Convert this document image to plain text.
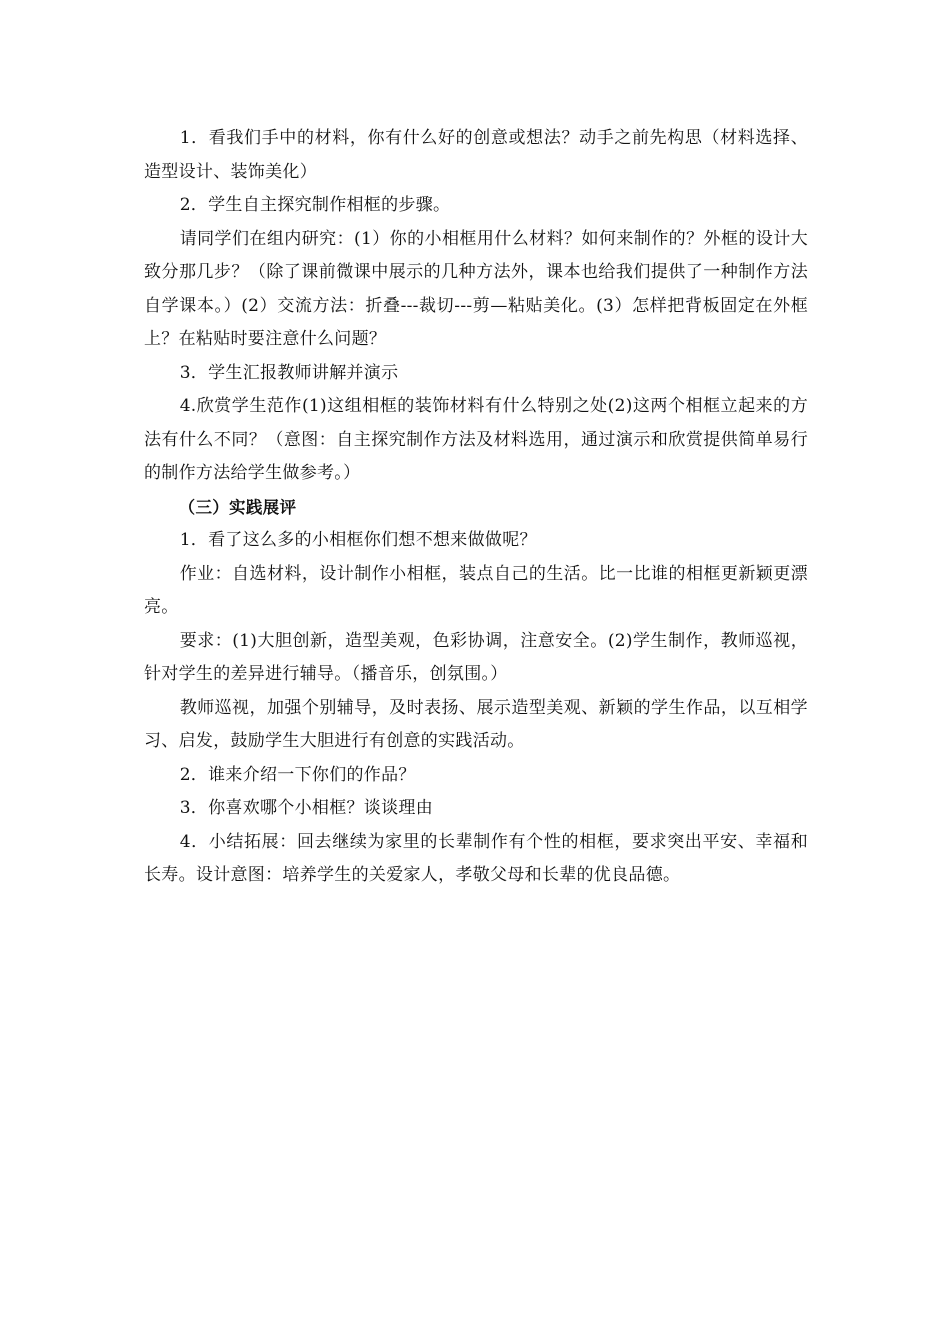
1．看我们手中的材料，你有什么好的创意或想法？动手之前先构思（材料选择、造型设计、装饰美化）

2．学生自主探究制作相框的步骤。

请同学们在组内研究：(1）你的小相框用什么材料？如何来制作的？外框的设计大致分那几步？（除了课前微课中展示的几种方法外，课本也给我们提供了一种制作方法自学课本。）(2）交流方法：折叠---裁切---剪—粘贴美化。(3）怎样把背板固定在外框上？在粘贴时要注意什么问题？

3．学生汇报教师讲解并演示

4.欣赏学生范作(1)这组相框的装饰材料有什么特别之处(2)这两个相框立起来的方法有什么不同？（意图：自主探究制作方法及材料选用，通过演示和欣赏提供简单易行的制作方法给学生做参考。）

（三）实践展评

1．看了这么多的小相框你们想不想来做做呢？

作业：自选材料，设计制作小相框，装点自己的生活。比一比谁的相框更新颖更漂亮。

要求：(1)大胆创新，造型美观，色彩协调，注意安全。(2)学生制作，教师巡视，针对学生的差异进行辅导。（播音乐，创氛围。）

教师巡视，加强个别辅导，及时表扬、展示造型美观、新颖的学生作品，以互相学习、启发，鼓励学生大胆进行有创意的实践活动。

2．谁来介绍一下你们的作品？

3．你喜欢哪个小相框？谈谈理由

4．小结拓展：回去继续为家里的长辈制作有个性的相框，要求突出平安、幸福和长寿。设计意图：培养学生的关爱家人，孝敬父母和长辈的优良品德。
